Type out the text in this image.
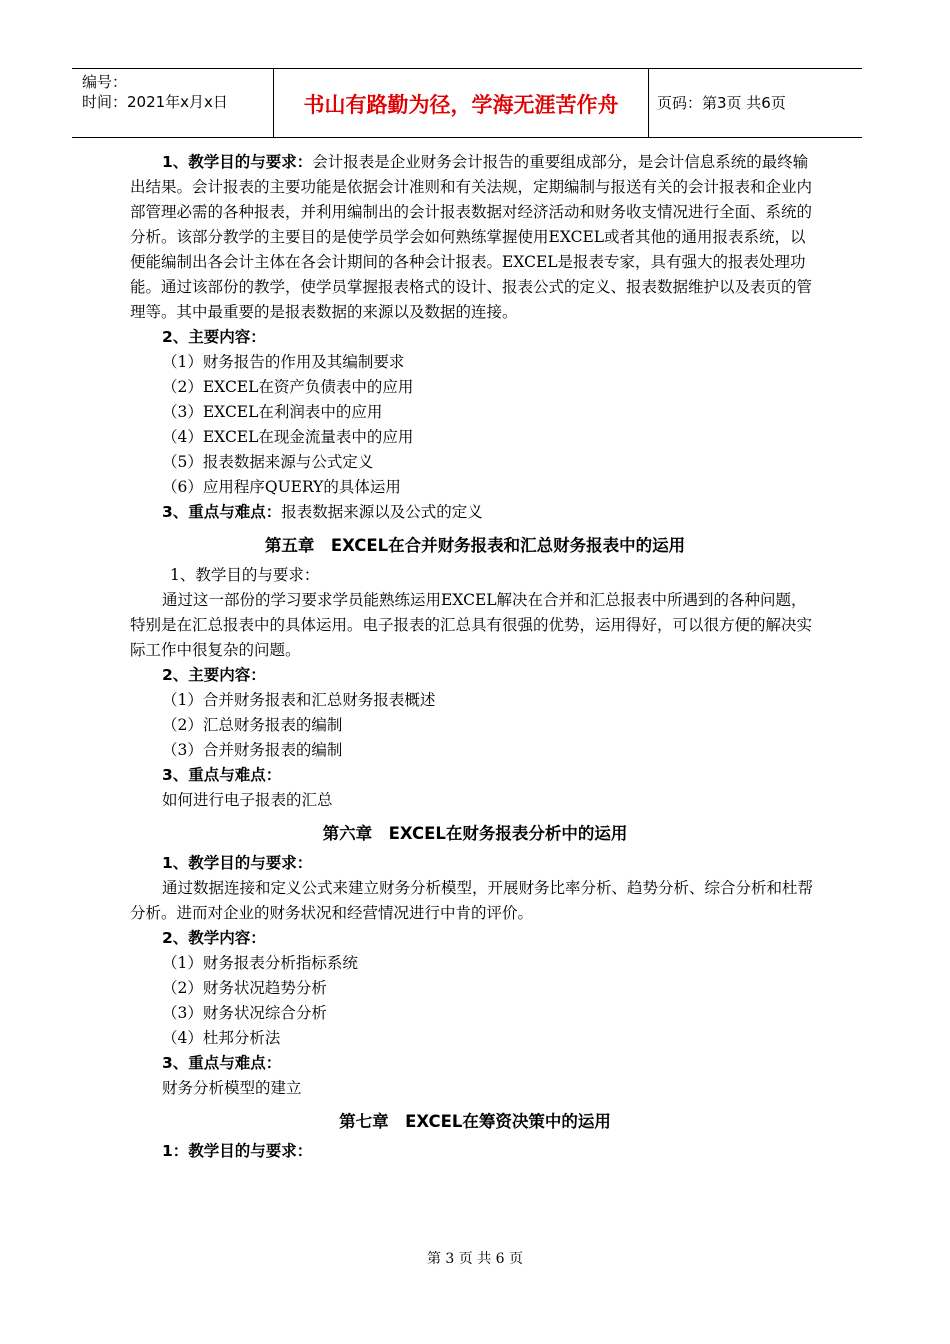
编号：
时间：2021年x月x日	书山有路勤为径，学海无涯苦作舟	页码：第3页 共6页

1、教学目的与要求：会计报表是企业财务会计报告的重要组成部分，是会计信息系统的最终输出结果。会计报表的主要功能是依据会计准则和有关法规，定期编制与报送有关的会计报表和企业内部管理必需的各种报表，并利用编制出的会计报表数据对经济活动和财务收支情况进行全面、系统的分析。该部分教学的主要目的是使学员学会如何熟练掌握使用EXCEL或者其他的通用报表系统，以便能编制出各会计主体在各会计期间的各种会计报表。EXCEL是报表专家，具有强大的报表处理功能。通过该部份的教学，使学员掌握报表格式的设计、报表公式的定义、报表数据维护以及表页的管理等。其中最重要的是报表数据的来源以及数据的连接。

2、主要内容：

（1）财务报告的作用及其编制要求

（2）EXCEL在资产负债表中的应用

（3）EXCEL在利润表中的应用

（4）EXCEL在现金流量表中的应用

（5）报表数据来源与公式定义

（6）应用程序QUERY的具体运用

3、重点与难点：报表数据来源以及公式的定义

第五章　EXCEL在合并财务报表和汇总财务报表中的运用

1、教学目的与要求：

通过这一部份的学习要求学员能熟练运用EXCEL解决在合并和汇总报表中所遇到的各种问题，特别是在汇总报表中的具体运用。电子报表的汇总具有很强的优势，运用得好，可以很方便的解决实际工作中很复杂的问题。

2、主要内容：

（1）合并财务报表和汇总财务报表概述

（2）汇总财务报表的编制

（3）合并财务报表的编制

3、重点与难点：

如何进行电子报表的汇总

第六章　EXCEL在财务报表分析中的运用

1、教学目的与要求：

通过数据连接和定义公式来建立财务分析模型，开展财务比率分析、趋势分析、综合分析和杜帮分析。进而对企业的财务状况和经营情况进行中肯的评价。

2、教学内容：

（1）财务报表分析指标系统

（2）财务状况趋势分析

（3）财务状况综合分析

（4）杜邦分析法

3、重点与难点：

财务分析模型的建立

第七章　EXCEL在筹资决策中的运用

1：教学目的与要求：

第 3 页 共 6 页
